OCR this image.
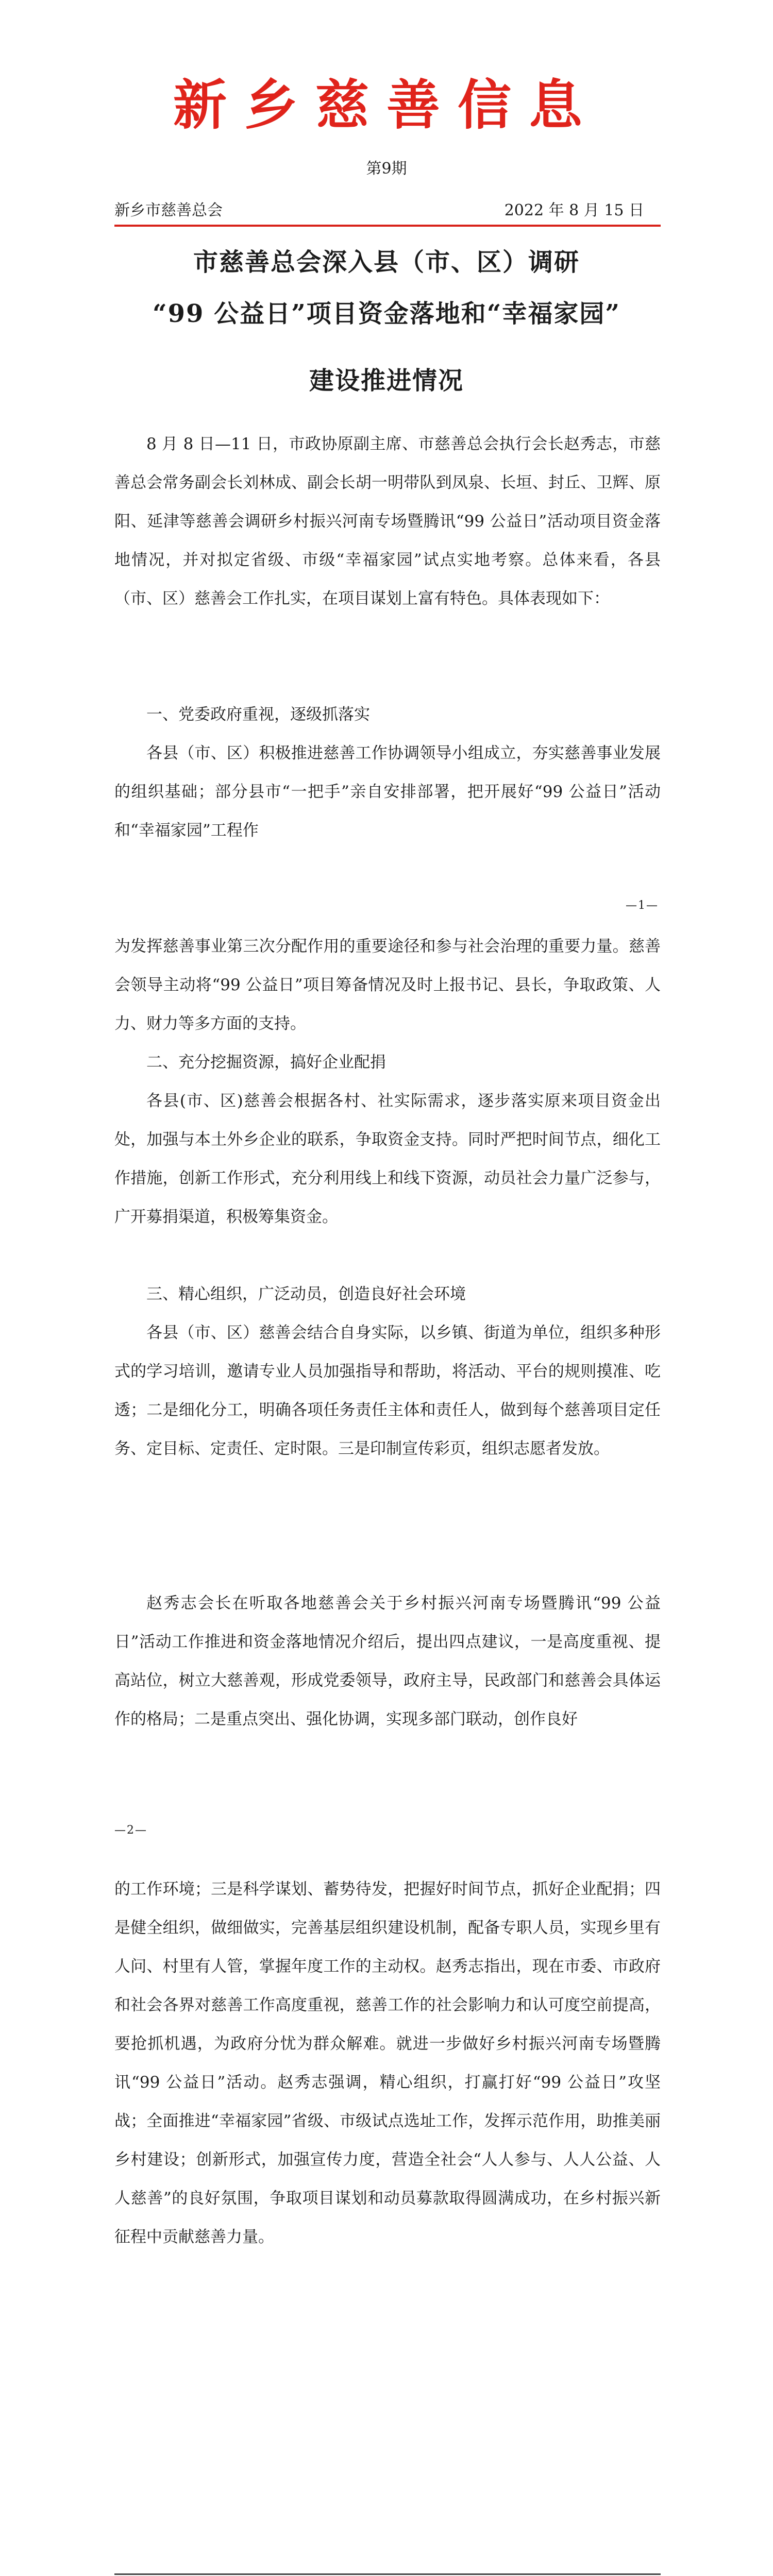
新乡慈善信息
第9期
新乡市慈善总会	2022 年 8 月 15 日
市慈善总会深入县（市、区）调研
“99 公益日”项目资金落地和“幸福家园”
建设推进情况

8 月 8 日—11 日，市政协原副主席、市慈善总会执行会长赵秀志，市慈善总会常务副会长刘林成、副会长胡一明带队到凤泉、长垣、封丘、卫辉、原阳、延津等慈善会调研乡村振兴河南专场暨腾讯“99 公益日”活动项目资金落地情况，并对拟定省级、市级“幸福家园”试点实地考察。总体来看，各县（市、区）慈善会工作扎实，在项目谋划上富有特色。具体表现如下：

一、党委政府重视，逐级抓落实

各县（市、区）积极推进慈善工作协调领导小组成立，夯实慈善事业发展的组织基础；部分县市“一把手”亲自安排部署，把开展好“99 公益日”活动和“幸福家园”工程作

—1—

为发挥慈善事业第三次分配作用的重要途径和参与社会治理的重要力量。慈善会领导主动将“99 公益日”项目筹备情况及时上报书记、县长，争取政策、人力、财力等多方面的支持。

二、充分挖掘资源，搞好企业配捐

各县(市、区)慈善会根据各村、社实际需求，逐步落实原来项目资金出处，加强与本土外乡企业的联系，争取资金支持。同时严把时间节点，细化工作措施，创新工作形式，充分利用线上和线下资源，动员社会力量广泛参与，广开募捐渠道，积极筹集资金。

三、精心组织，广泛动员，创造良好社会环境

各县（市、区）慈善会结合自身实际，以乡镇、街道为单位，组织多种形式的学习培训，邀请专业人员加强指导和帮助，将活动、平台的规则摸准、吃透；二是细化分工，明确各项任务责任主体和责任人，做到每个慈善项目定任务、定目标、定责任、定时限。三是印制宣传彩页，组织志愿者发放。

赵秀志会长在听取各地慈善会关于乡村振兴河南专场暨腾讯“99 公益日”活动工作推进和资金落地情况介绍后，提出四点建议，一是高度重视、提高站位，树立大慈善观，形成党委领导，政府主导，民政部门和慈善会具体运作的格局；二是重点突出、强化协调，实现多部门联动，创作良好

—2—

的工作环境；三是科学谋划、蓄势待发，把握好时间节点，抓好企业配捐；四是健全组织，做细做实，完善基层组织建设机制，配备专职人员，实现乡里有人问、村里有人管，掌握年度工作的主动权。赵秀志指出，现在市委、市政府和社会各界对慈善工作高度重视，慈善工作的社会影响力和认可度空前提高，要抢抓机遇，为政府分忧为群众解难。就进一步做好乡村振兴河南专场暨腾讯“99 公益日”活动。赵秀志强调，精心组织，打赢打好“99 公益日”攻坚战；全面推进“幸福家园”省级、市级试点选址工作，发挥示范作用，助推美丽乡村建设；创新形式，加强宣传力度，营造全社会“人人参与、人人公益、人人慈善”的良好氛围，争取项目谋划和动员募款取得圆满成功，在乡村振兴新征程中贡献慈善力量。
